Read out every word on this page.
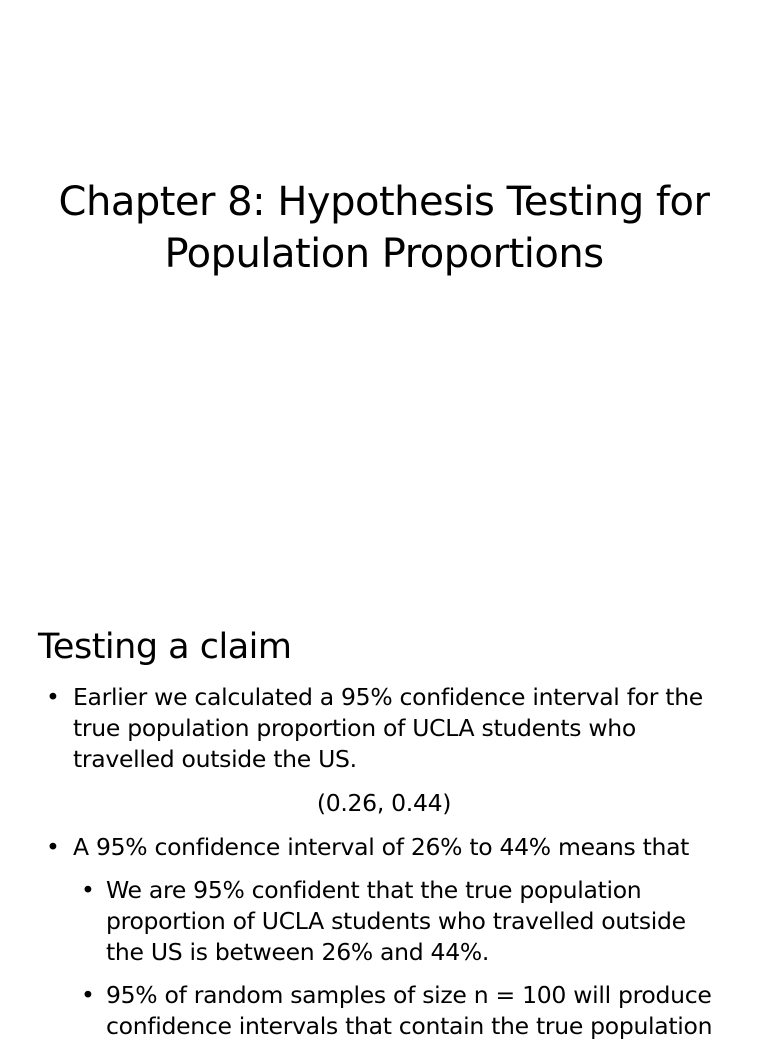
Chapter 8: Hypothesis Testing for
Population Proportions
Testing a claim
• Earlier we calculated a 95% confidence interval for the true population proportion of UCLA students who travelled outside the US.
(0.26, 0.44)
• A 95% confidence interval of 26% to 44% means that
• We are 95% confident that the true population proportion of UCLA students who travelled outside the US is between 26% and 44%.
• 95% of random samples of size n = 100 will produce confidence intervals that contain the true population
